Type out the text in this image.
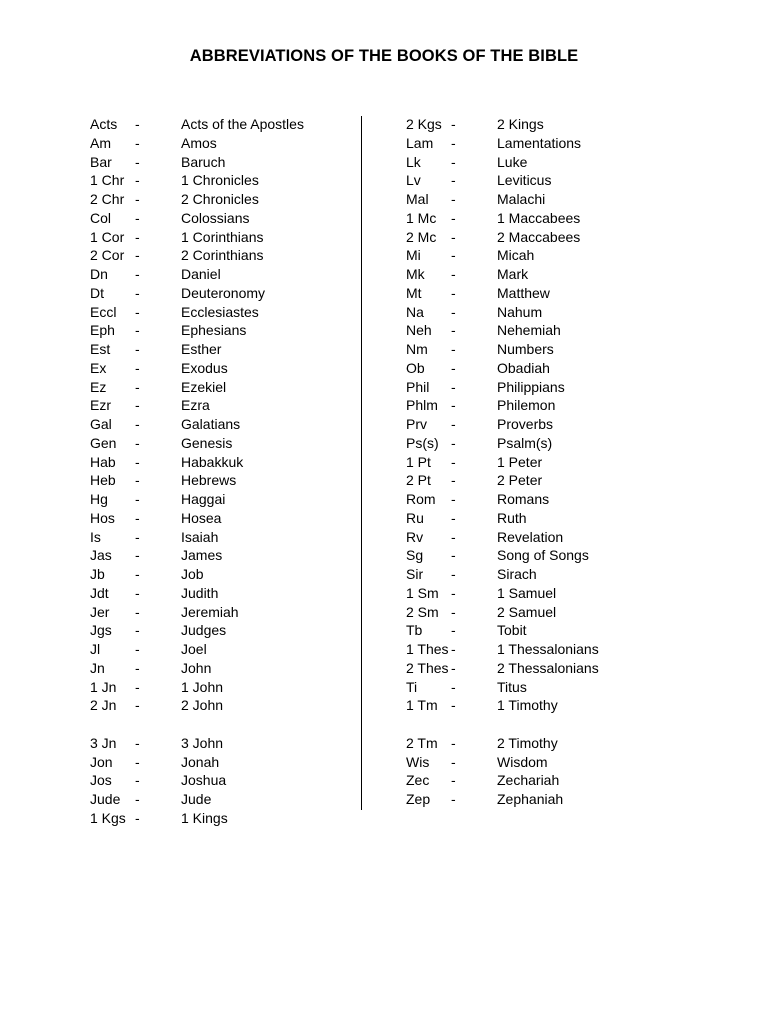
ABBREVIATIONS OF THE BOOKS OF THE BIBLE
Acts -	Acts of the Apostles
Am -	Amos
Bar -	Baruch
1 Chr -	1 Chronicles
2 Chr -	2 Chronicles
Col -	Colossians
1 Cor -	1 Corinthians
2 Cor -	2 Corinthians
Dn -	Daniel
Dt -	Deuteronomy
Eccl -	Ecclesiastes
Eph -	Ephesians
Est -	Esther
Ex -	Exodus
Ez -	Ezekiel
Ezr -	Ezra
Gal -	Galatians
Gen -	Genesis
Hab -	Habakkuk
Heb -	Hebrews
Hg -	Haggai
Hos -	Hosea
Is -	Isaiah
Jas -	James
Jb -	Job
Jdt -	Judith
Jer -	Jeremiah
Jgs -	Judges
Jl -	Joel
Jn -	John
1 Jn -	1 John
2 Jn -	2 John
3 Jn -	3 John
Jon -	Jonah
Jos -	Joshua
Jude -	Jude
1 Kgs -	1 Kings
2 Kgs -	2 Kings
Lam -	Lamentations
Lk -	Luke
Lv -	Leviticus
Mal -	Malachi
1 Mc -	1 Maccabees
2 Mc -	2 Maccabees
Mi -	Micah
Mk -	Mark
Mt -	Matthew
Na -	Nahum
Neh -	Nehemiah
Nm -	Numbers
Ob -	Obadiah
Phil -	Philippians
Phlm -	Philemon
Prv -	Proverbs
Ps(s) -	Psalm(s)
1 Pt -	1 Peter
2 Pt -	2 Peter
Rom -	Romans
Ru -	Ruth
Rv -	Revelation
Sg -	Song of Songs
Sir -	Sirach
1 Sm -	1 Samuel
2 Sm -	2 Samuel
Tb -	Tobit
1 Thes -	1 Thessalonians
2 Thes -	2 Thessalonians
Ti -	Titus
1 Tm -	1 Timothy
2 Tm -	2 Timothy
Wis -	Wisdom
Zec -	Zechariah
Zep -	Zephaniah
